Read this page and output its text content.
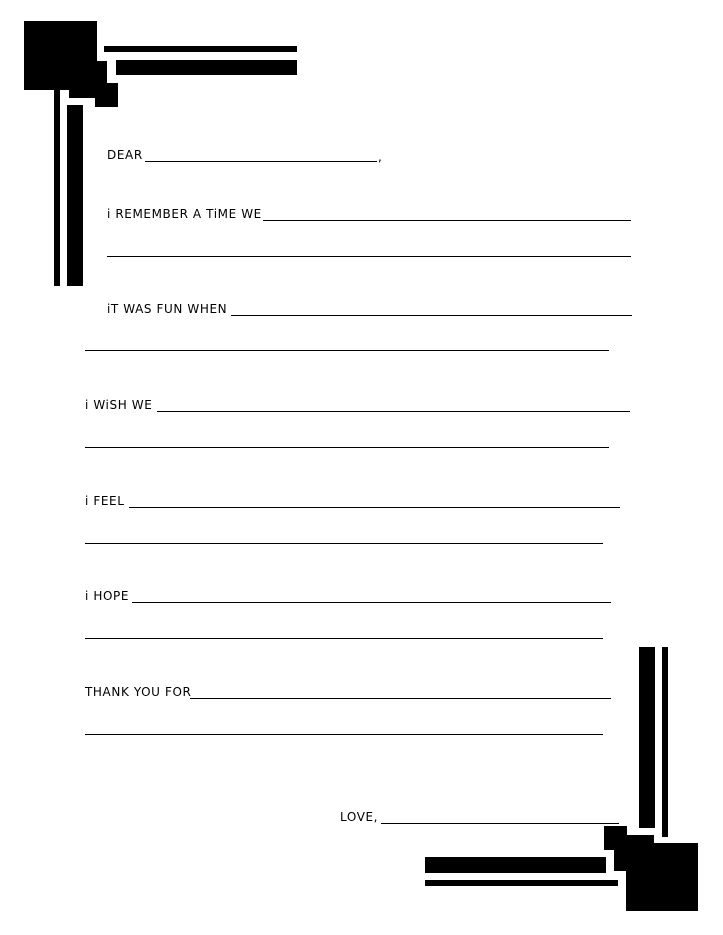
DEAR	,
i REMEMBER A TiME WE
iT WAS FUN WHEN
i WiSH WE
i FEEL
i HOPE
THANK YOU FOR
LOVE,
